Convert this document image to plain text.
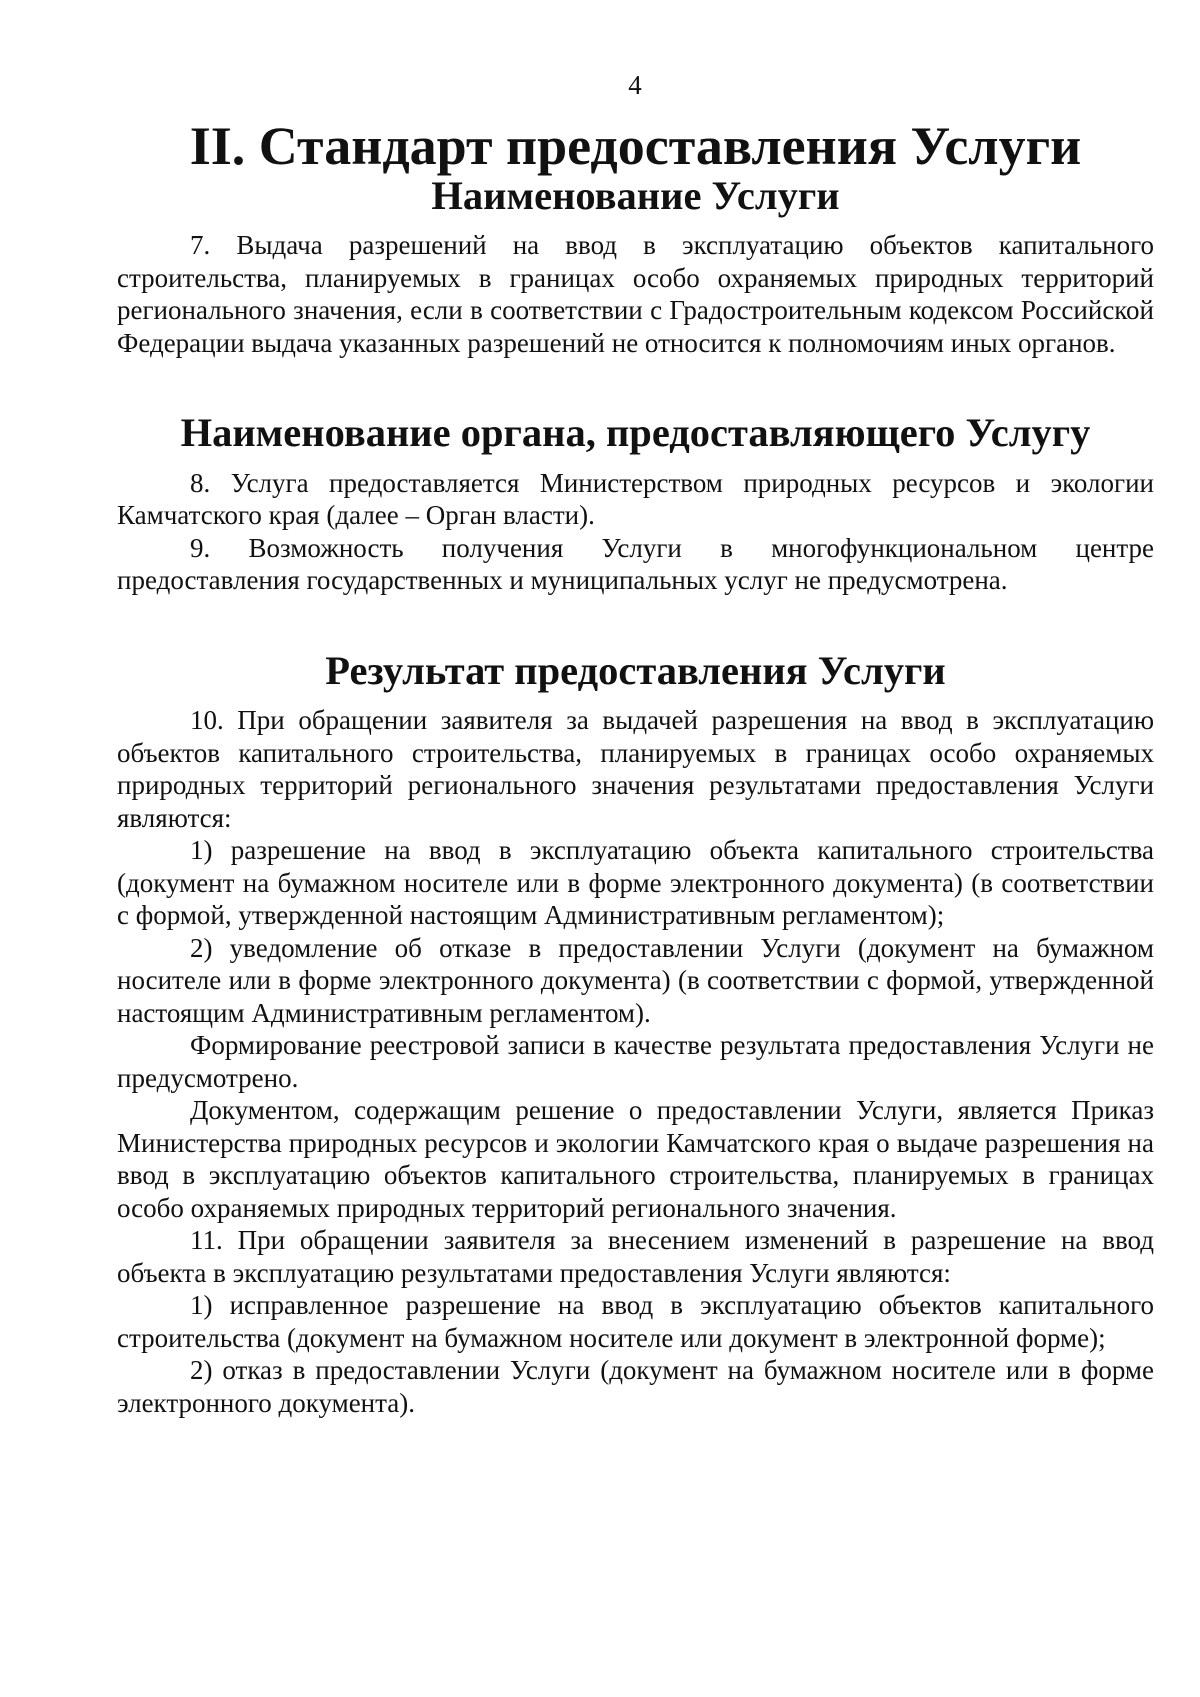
4
II. Стандарт предоставления Услуги
Наименование Услуги

7. Выдача разрешений на ввод в эксплуатацию объектов капитального строительства, планируемых в границах особо охраняемых природных территорий регионального значения, если в соответствии с Градостроительным кодексом Российской Федерации выдача указанных разрешений не относится к полномочиям иных органов.

Наименование органа, предоставляющего Услугу

8. Услуга предоставляется Министерством природных ресурсов и экологии Камчатского края (далее – Орган власти).

9. Возможность получения Услуги в многофункциональном центре предоставления государственных и муниципальных услуг не предусмотрена.

Результат предоставления Услуги

10. При обращении заявителя за выдачей разрешения на ввод в эксплуатацию объектов капитального строительства, планируемых в границах особо охраняемых природных территорий регионального значения результатами предоставления Услуги являются:

1) разрешение на ввод в эксплуатацию объекта капитального строительства (документ на бумажном носителе или в форме электронного документа) (в соответствии с формой, утвержденной настоящим Административным регламентом);

2) уведомление об отказе в предоставлении Услуги (документ на бумажном носителе или в форме электронного документа) (в соответствии с формой, утвержденной настоящим Административным регламентом).

Формирование реестровой записи в качестве результата предоставления Услуги не предусмотрено.

Документом, содержащим решение о предоставлении Услуги, является Приказ Министерства природных ресурсов и экологии Камчатского края о выдаче разрешения на ввод в эксплуатацию объектов капитального строительства, планируемых в границах особо охраняемых природных территорий регионального значения.

11. При обращении заявителя за внесением изменений в разрешение на ввод объекта в эксплуатацию результатами предоставления Услуги являются:

1) исправленное разрешение на ввод в эксплуатацию объектов капитального строительства (документ на бумажном носителе или документ в электронной форме);

2) отказ в предоставлении Услуги (документ на бумажном носителе или в форме электронного документа).
